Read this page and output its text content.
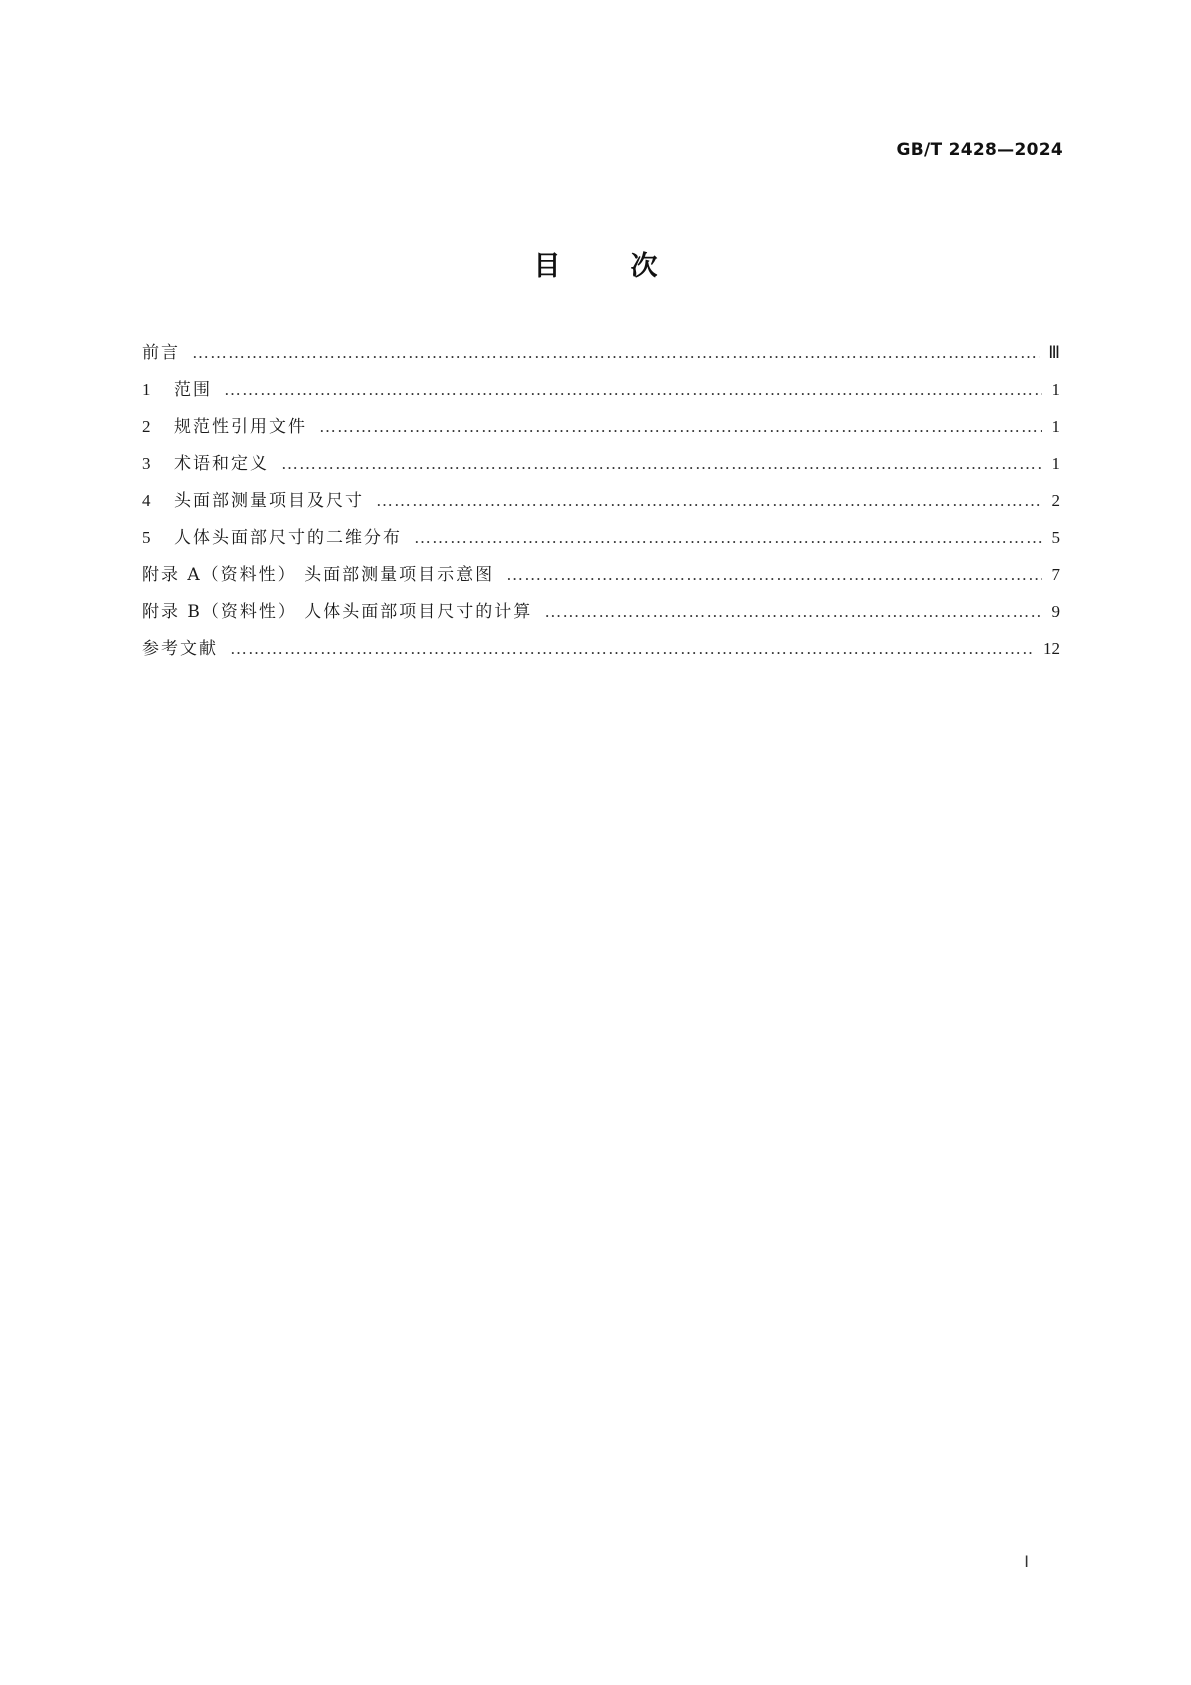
GB/T 2428—2024
目次
前言 …………………………………………………………………………………………………………………………………………………………………………………………………………………………………………………	Ⅲ
1	范围 …………………………………………………………………………………………………………………………………………………………………………………………………………………………………………………	1
2	规范性引用文件 …………………………………………………………………………………………………………………………………………………………………………………………………………………………………………………	1
3	术语和定义 …………………………………………………………………………………………………………………………………………………………………………………………………………………………………………………	1
4	头面部测量项目及尺寸 …………………………………………………………………………………………………………………………………………………………………………………………………………………………………………………	2
5	人体头面部尺寸的二维分布 …………………………………………………………………………………………………………………………………………………………………………………………………………………………………………………	5
附录 A（资料性） 头面部测量项目示意图 …………………………………………………………………………………………………………………………………………………………………………………………………………………………………………………	7
附录 B（资料性） 人体头面部项目尺寸的计算 …………………………………………………………………………………………………………………………………………………………………………………………………………………………………………………	9
参考文献 …………………………………………………………………………………………………………………………………………………………………………………………………………………………………………………	12
Ⅰ
